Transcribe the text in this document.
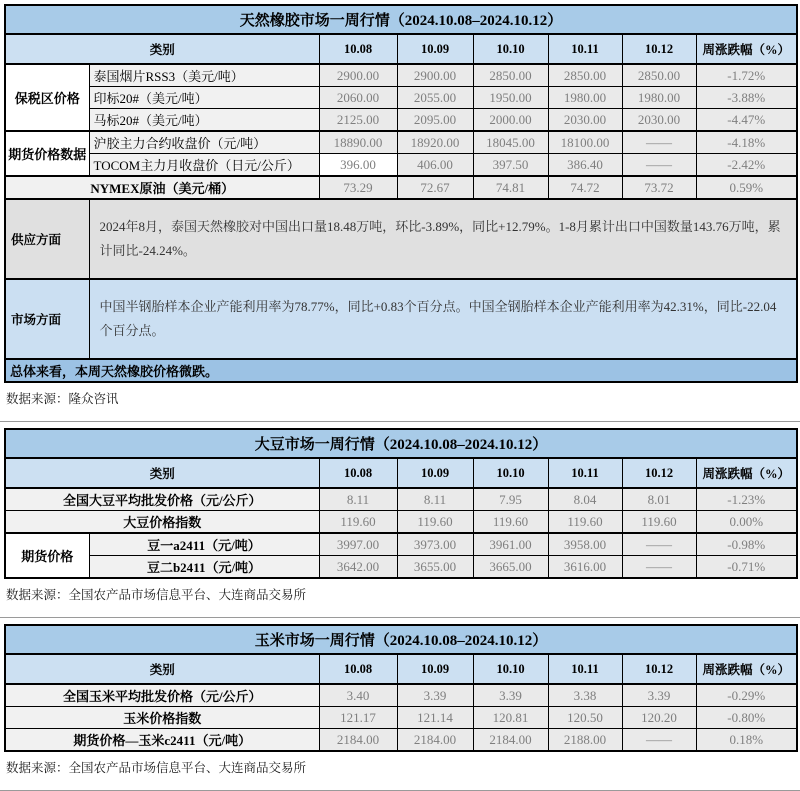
天然橡胶市场一周行情（2024.10.08–2024.10.12）							
类别		10.08	10.09	10.10	10.11	10.12	周涨跌幅（%）
保税区价格	泰国烟片RSS3（美元/吨）	2900.00	2900.00	2850.00	2850.00	2850.00	-1.72%
	印标20#（美元/吨）	2060.00	2055.00	1950.00	1980.00	1980.00	-3.88%
	马标20#（美元/吨）	2125.00	2095.00	2000.00	2030.00	2030.00	-4.47%
期货价格数据	沪胶主力合约收盘价（元/吨）	18890.00	18920.00	18045.00	18100.00	——	-4.18%
	TOCOM主力月收盘价（日元/公斤）	396.00	406.00	397.50	386.40	——	-2.42%
NYMEX原油（美元/桶）		73.29	72.67	74.81	74.72	73.72	0.59%
供应方面	2024年8月，泰国天然橡胶对中国出口量18.48万吨，环比-3.89%，同比+12.79%。1-8月累计出口中国数量143.76万吨，累计同比-24.24%。						
市场方面	中国半钢胎样本企业产能利用率为78.77%，同比+0.83个百分点。中国全钢胎样本企业产能利用率为42.31%，同比-22.04个百分点。						
总体来看，本周天然橡胶价格微跌。							
数据来源：隆众咨讯
大豆市场一周行情（2024.10.08–2024.10.12）							
类别		10.08	10.09	10.10	10.11	10.12	周涨跌幅（%）
全国大豆平均批发价格（元/公斤）		8.11	8.11	7.95	8.04	8.01	-1.23%
大豆价格指数		119.60	119.60	119.60	119.60	119.60	0.00%
期货价格	豆一a2411（元/吨）	3997.00	3973.00	3961.00	3958.00	——	-0.98%
	豆二b2411（元/吨）	3642.00	3655.00	3665.00	3616.00	——	-0.71%
数据来源：全国农产品市场信息平台、大连商品交易所
玉米市场一周行情（2024.10.08–2024.10.12）						
类别	10.08	10.09	10.10	10.11	10.12	周涨跌幅（%）
全国玉米平均批发价格（元/公斤）	3.40	3.39	3.39	3.38	3.39	-0.29%
玉米价格指数	121.17	121.14	120.81	120.50	120.20	-0.80%
期货价格—玉米c2411（元/吨）	2184.00	2184.00	2184.00	2188.00	——	0.18%
数据来源：全国农产品市场信息平台、大连商品交易所
